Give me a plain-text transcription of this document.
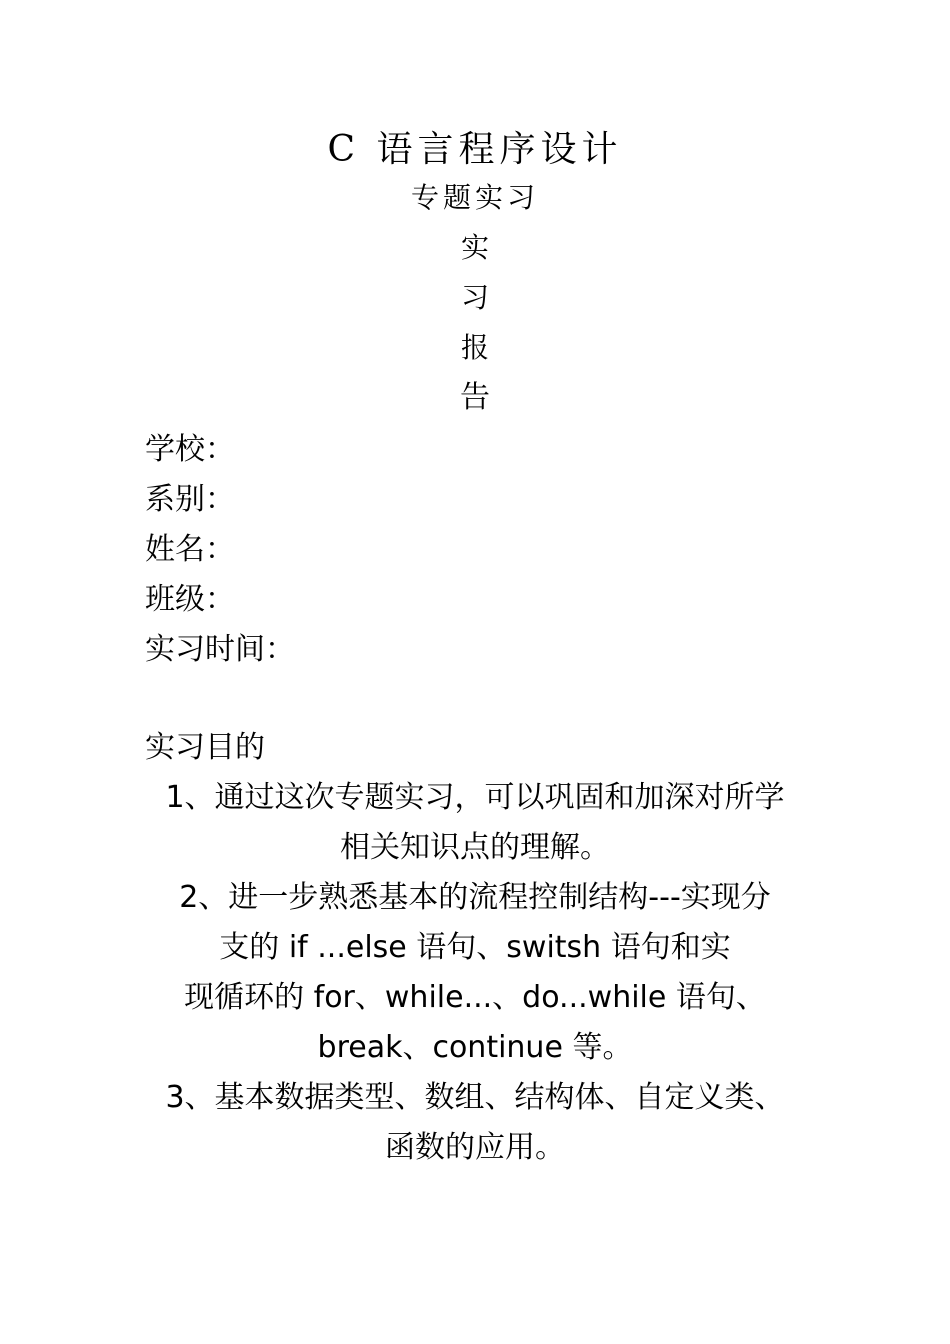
C 语言程序设计
专题实习
实
习
报
告
学校：
系别：
姓名：
班级：
实习时间：
实习目的
1、通过这次专题实习，可以巩固和加深对所学
相关知识点的理解。
2、进一步熟悉基本的流程控制结构---实现分
支的 if ...else 语句、switsh 语句和实
现循环的 for、while...、do...while 语句、
break、continue 等。
3、基本数据类型、数组、结构体、自定义类、
函数的应用。
